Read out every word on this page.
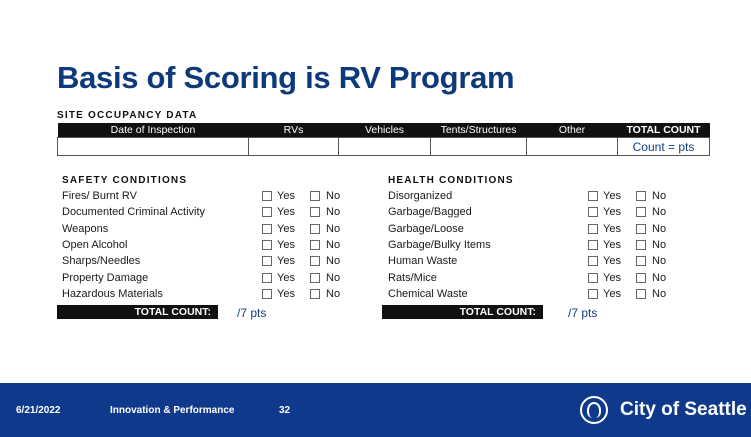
Basis of Scoring is RV Program
SITE OCCUPANCY DATA
Date of Inspection	RVs	Vehicles	Tents/Structures	Other	TOTAL COUNT
					Count = pts
SAFETY CONDITIONS	HEALTH CONDITIONS
Fires/ Burnt RV	Yes	No
Documented Criminal Activity	Yes	No
Weapons	Yes	No
Open Alcohol	Yes	No
Sharps/Needles	Yes	No
Property Damage	Yes	No
Hazardous Materials	Yes	No
Disorganized	Yes	No
Garbage/Bagged	Yes	No
Garbage/Loose	Yes	No
Garbage/Bulky Items	Yes	No
Human Waste	Yes	No
Rats/Mice	Yes	No
Chemical Waste	Yes	No
TOTAL COUNT:	/7 pts	TOTAL COUNT:	/7 pts
6/21/2022	Innovation & Performance	32	City of Seattle
